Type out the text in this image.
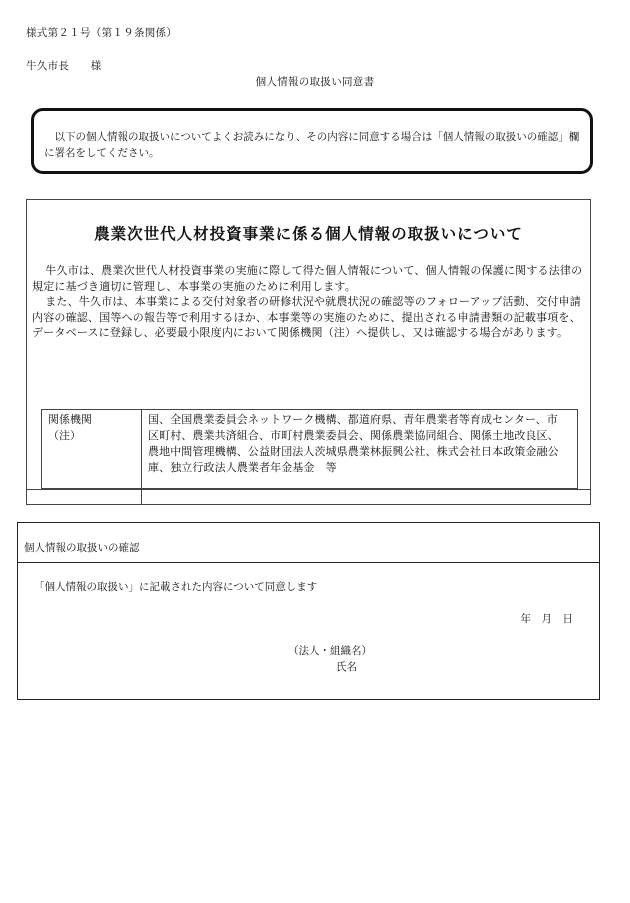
様式第２１号（第１９条関係）
牛久市長　　様
個人情報の取扱い同意書
以下の個人情報の取扱いについてよくお読みになり、その内容に同意する場合は「個人情報の取扱いの確認」欄に署名をしてください。
農業次世代人材投資事業に係る個人情報の取扱いについて
牛久市は、農業次世代人材投資事業の実施に際して得た個人情報について、個人情報の保護に関する法律の規定に基づき適切に管理し、本事業の実施のために利用します。
また、牛久市は、本事業による交付対象者の研修状況や就農状況の確認等のフォローアップ活動、交付申請内容の確認、国等への報告等で利用するほか、本事業等の実施のために、提出される申請書類の記載事項を、データベースに登録し、必要最小限度内において関係機関（注）へ提供し、又は確認する場合があります。
関係機関
（注）
国、全国農業委員会ネットワーク機構、都道府県、青年農業者等育成センター、市区町村、農業共済組合、市町村農業委員会、関係農業協同組合、関係土地改良区、農地中間管理機構、公益財団法人茨城県農業林振興公社、株式会社日本政策金融公庫、独立行政法人農業者年金基金　等
個人情報の取扱いの確認
「個人情報の取扱い」に記載された内容について同意します
年　月　日
（法人・組織名）
氏名
